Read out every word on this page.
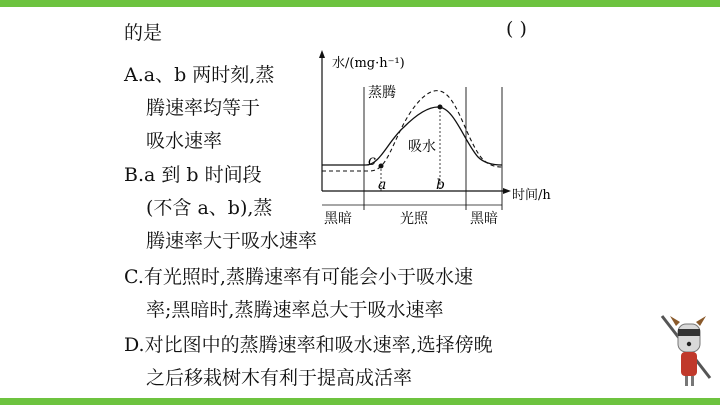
的是	( )
A.a、b 两时刻,蒸
腾速率均等于
吸水速率
B.a 到 b 时间段
(不含 a、b),蒸
腾速率大于吸水速率
C.有光照时,蒸腾速率有可能会小于吸水速
率;黑暗时,蒸腾速率总大于吸水速率
D.对比图中的蒸腾速率和吸水速率,选择傍晚
之后移栽树木有利于提高成活率
水/(mg·h⁻¹)
时间/h
c
a	b
蒸腾
吸水
黑暗	光照	黑暗
